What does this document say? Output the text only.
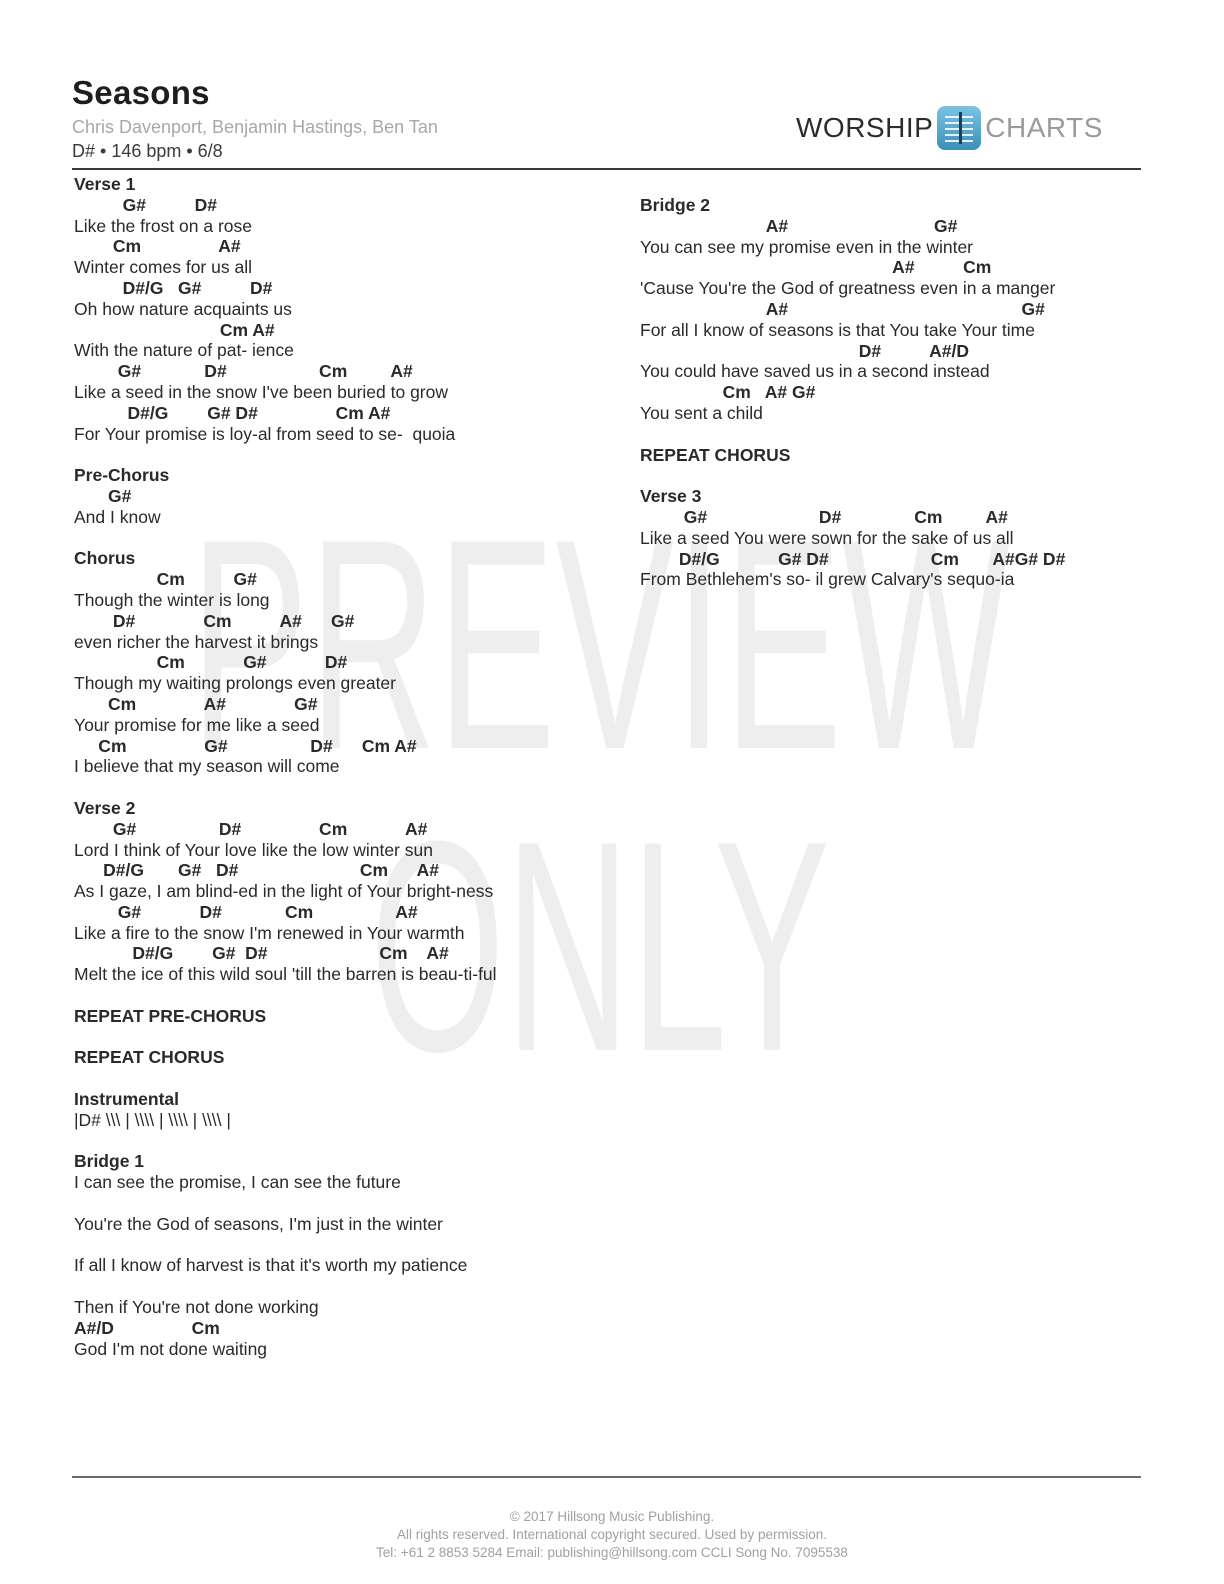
PREVIEW
ONLY
Seasons
Chris Davenport, Benjamin Hastings, Ben Tan
D# • 146 bpm • 6/8
WORSHIP CHARTS
Verse 1
G#          D#
Like the frost on a rose
Cm                A#
Winter comes for us all
D#/G   G#          D#
Oh how nature acquaints us
Cm A#
With the nature of pat- ience
G#             D#                   Cm         A#
Like a seed in the snow I've been buried to grow
D#/G        G# D#                Cm A#
For Your promise is loy-al from seed to se-  quoia
Pre-Chorus
G#
And I know
Chorus
Cm          G#
Though the winter is long
D#              Cm          A#      G#
even richer the harvest it brings
Cm            G#            D#
Though my waiting prolongs even greater
Cm              A#              G#
Your promise for me like a seed
Cm                G#                 D#      Cm A#
I believe that my season will come
Verse 2
G#                 D#                Cm            A#
Lord I think of Your love like the low winter sun
D#/G       G#   D#                         Cm      A#
As I gaze, I am blind-ed in the light of Your bright-ness
G#            D#             Cm                 A#
Like a fire to the snow I'm renewed in Your warmth
D#/G        G#  D#                       Cm    A#
Melt the ice of this wild soul 'till the barren is beau-ti-ful
REPEAT PRE-CHORUS
REPEAT CHORUS
Instrumental
|D# \\\ | \\\\ | \\\\ | \\\\ |
Bridge 1
I can see the promise, I can see the future
You're the God of seasons, I'm just in the winter
If all I know of harvest is that it's worth my patience
Then if You're not done working
A#/D                Cm
God I'm not done waiting
Bridge 2
A#                              G#
You can see my promise even in the winter
A#          Cm
'Cause You're the God of greatness even in a manger
A#                                                G#
For all I know of seasons is that You take Your time
D#          A#/D
You could have saved us in a second instead
Cm   A# G#
You sent a child
REPEAT CHORUS
Verse 3
G#                       D#               Cm         A#
Like a seed You were sown for the sake of us all
D#/G            G# D#                     Cm       A#G# D#
From Bethlehem's so- il grew Calvary's sequo-ia
© 2017 Hillsong Music Publishing.
All rights reserved. International copyright secured. Used by permission.
Tel: +61 2 8853 5284 Email: publishing@hillsong.com CCLI Song No. 7095538
